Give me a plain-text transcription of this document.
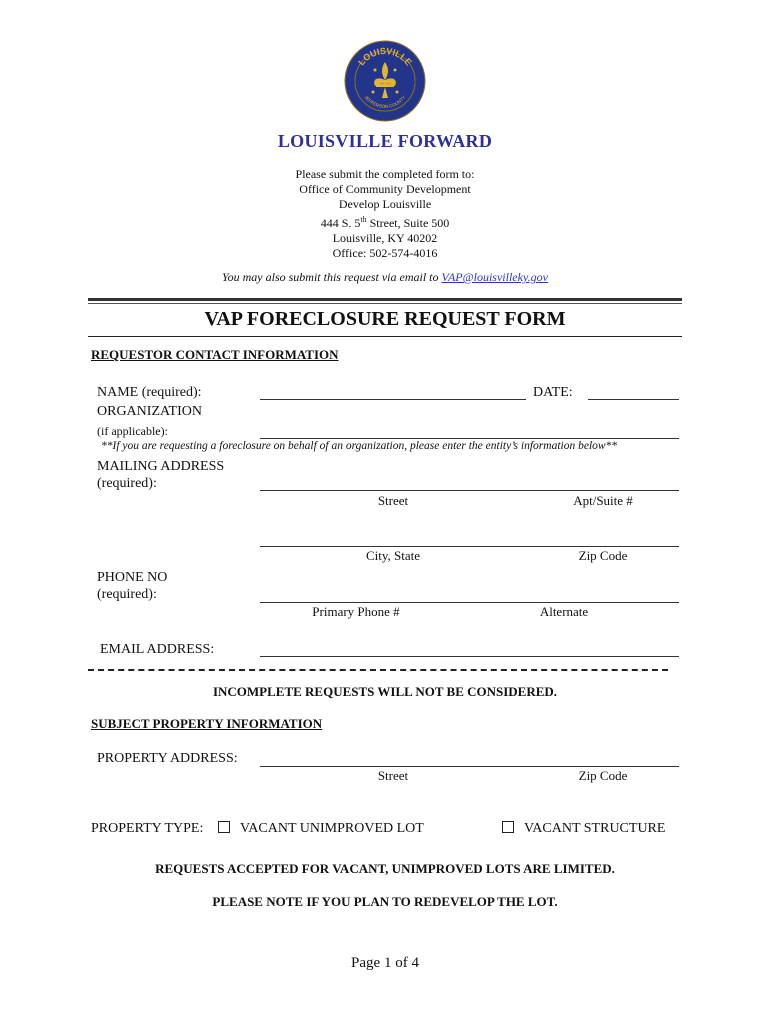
LOUISVILLE
JEFFERSON COUNTY
1778	1778
LOUISVILLE FORWARD
Please submit the completed form to:
Office of Community Development
Develop Louisville
444 S. 5th Street, Suite 500
Louisville, KY 40202
Office: 502-574-4016
You may also submit this request via email to VAP@louisvilleky.gov
VAP FORECLOSURE REQUEST FORM
REQUESTOR CONTACT INFORMATION
NAME (required):	DATE:
ORGANIZATION
(if applicable):
**If you are requesting a foreclosure on behalf of an organization, please enter the entity’s information below**
MAILING ADDRESS
(required):
Street	Apt/Suite #
City, State	Zip Code
PHONE NO
(required):
Primary Phone #	Alternate
EMAIL ADDRESS:
INCOMPLETE REQUESTS WILL NOT BE CONSIDERED.
SUBJECT PROPERTY INFORMATION
PROPERTY ADDRESS:
Street	Zip Code
PROPERTY TYPE:	VACANT UNIMPROVED LOT	VACANT STRUCTURE
REQUESTS ACCEPTED FOR VACANT, UNIMPROVED LOTS ARE LIMITED.
PLEASE NOTE IF YOU PLAN TO REDEVELOP THE LOT.
Page 1 of 4
